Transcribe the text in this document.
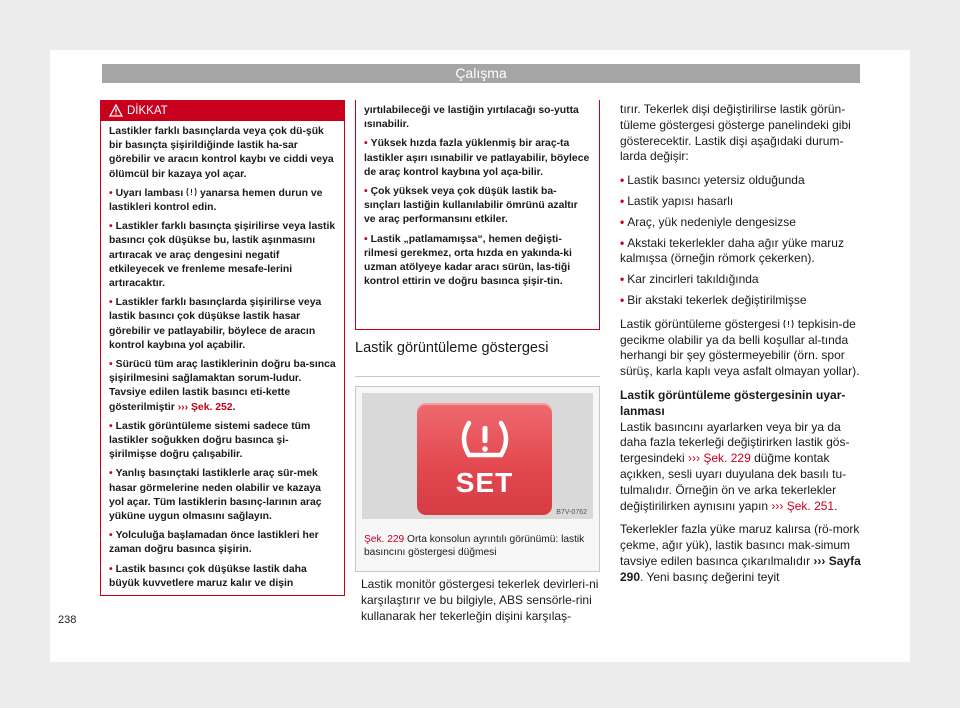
Çalışma
DİKKAT

Lastikler farklı basınçlarda veya çok dü-şük bir basınçta şişirildiğinde lastik ha-sar görebilir ve aracın kontrol kaybı ve ciddi veya ölümcül bir kazaya yol açar.

• Uyarı lambası  yanarsa hemen durun ve lastikleri kontrol edin.

• Lastikler farklı basınçta şişirilirse veya lastik basıncı çok düşükse bu, lastik aşınmasını artıracak ve araç dengesini negatif etkileyecek ve frenleme mesafe-lerini artıracaktır.

• Lastikler farklı basınçlarda şişirilirse veya lastik basıncı çok düşükse lastik hasar görebilir ve patlayabilir, böylece de aracın kontrol kaybına yol açabilir.

• Sürücü tüm araç lastiklerinin doğru ba-sınca şişirilmesini sağlamaktan sorum-ludur. Tavsiye edilen lastik basıncı eti-kette gösterilmiştir ››› Şek. 252.

• Lastik görüntüleme sistemi sadece tüm lastikler soğukken doğru basınca şi-şirilmişse doğru çalışabilir.

• Yanlış basınçtaki lastiklerle araç sür-mek hasar görmelerine neden olabilir ve kazaya yol açar. Tüm lastiklerin basınç-larının araç yüküne uygun olmasını sağlayın.

• Yolculuğa başlamadan önce lastikleri her zaman doğru basınca şişirin.

• Lastik basıncı çok düşükse lastik daha büyük kuvvetlere maruz kalır ve dişin

yırtılabileceği ve lastiğin yırtılacağı so-yutta ısınabilir.

• Yüksek hızda fazla yüklenmiş bir araç-ta lastikler aşırı ısınabilir ve patlayabilir, böylece de araç kontrol kaybına yol aça-bilir.

• Çok yüksek veya çok düşük lastik ba-sınçları lastiğin kullanılabilir ömrünü azaltır ve araç performansını etkiler.

• Lastik „patlamamışsa“, hemen değişti-rilmesi gerekmez, orta hızda en yakında-ki uzman atölyeye kadar aracı sürün, las-tiği kontrol ettirin ve doğru basınca şişir-tin.

Lastik görüntüleme göstergesi
SET
B7V-0762
Şek. 229 Orta konsolun ayrıntılı görünümü: lastik basıncını göstergesi düğmesi
Lastik monitör göstergesi tekerlek devirleri-ni karşılaştırır ve bu bilgiyle, ABS sensörle-rini kullanarak her tekerleğin dişini karşılaş-

tırır. Tekerlek dişi değiştirilirse lastik görün-tüleme göstergesi gösterge panelindeki gibi gösterecektir. Lastik dişi aşağıdaki durum-larda değişir:

• Lastik basıncı yetersiz olduğunda
• Lastik yapısı hasarlı
• Araç, yük nedeniyle dengesizse
• Akstaki tekerlekler daha ağır yüke maruz kalmışsa (örneğin römork çekerken).
• Kar zincirleri takıldığında
• Bir akstaki tekerlek değiştirilmişse

Lastik görüntüleme göstergesi  tepkisin-de gecikme olabilir ya da belli koşullar al-tında herhangi bir şey göstermeyebilir (örn. spor sürüş, karla kaplı veya asfalt olmayan yollar).

Lastik görüntüleme göstergesinin uyar-lanması

Lastik basıncını ayarlarken veya bir ya da daha fazla tekerleği değiştirirken lastik gös-tergesindeki ››› Şek. 229 düğme kontak açıkken, sesli uyarı duyulana dek basılı tu-tulmalıdır. Örneğin ön ve arka tekerlekler değiştirilirken aynısını yapın ››› Şek. 251.

Tekerlekler fazla yüke maruz kalırsa (rö-mork çekme, ağır yük), lastik basıncı mak-simum tavsiye edilen basınca çıkarılmalıdır ››› Sayfa 290. Yeni basınç değerini teyit

238
